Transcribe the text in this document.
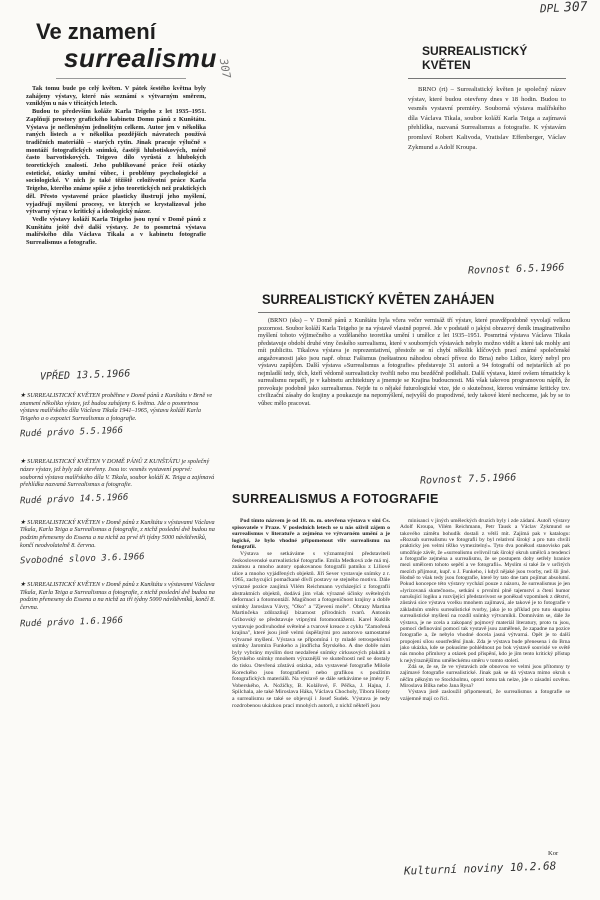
DPL 307
Ve znamení
surrealismu

Tak tomu bude po celý květen. V pátek šestého května byly zahájeny výstavy, které nás seznámí s výtvarným směrem, vzniklým u nás v třicátých letech.

Budou to především koláže Karla Teigeho z let 1935–1951. Zaplňují prostory grafického kabinetu Domu pánů z Kunštátu. Výstava je nečleněným jednolitým celkem. Autor jen v několika raných listech a v několika pozdějších návratech používá tradičních materiálů – starých rytin. Jinak pracuje výlučně s montáží fotografických snímků, častěji hlubotiskových, méně často barvotiskových. Teigovo dílo vyrůstá z hlubokých teoretických znalostí. Jeho publikované práce řeší otázky estetické, otázky umění vůbec, i problémy psychologické a sociologické. V nich je také těžiště celoživotní práce Karla Teigeho, kterého známe spíše z jeho teoretických než praktických děl. Přesto vystavené práce plasticky ilustrují jeho myšlení, vyjadřují myšlení procesy, ve kterých se krystalizoval jeho výtvarný výraz v kritický a ideologický názor.

Vedle výstavy koláží Karla Teigeho jsou nyní v Domě pánů z Kunštátu ještě dvě další výstavy. Je to posmrtná výstava malířského díla Václava Tikala a v kabinetu fotografie Surrealismus a fotografie.

307
VPŘED 13.5.1966

★ SURREALISTICKÝ KVĚTEN proběhne v Domě pánů z Kunštátu v Brně ve znamení několika výstav, jež budou zahájeny 6. května. Jde o posmrtnou výstavu malířského díla Václava Tikala 1941–1965, výstavu koláží Karla Teigeho a o expozici Surrealismus a fotografie.

Rudé právo 5.5.1966

★ SURREALISTICKÝ KVĚTEN V DOMĚ PÁNŮ Z KUNŠTÁTU je společný název výstav, jež byly zde otevřeny. Jsou to: vesměs vystavení poprvé: souborná výstava malířského díla V. Tikala, soubor koláží K. Teiga a zajímavá přehlídka nazvaná Surrealismus a fotografie.

Rudé právo 14.5.1966

★ SURREALISTICKÝ KVĚTEN v Domě pánů z Kunštátu s výstavami Václava Tikala, Karla Teiga a Surrealismus a fotografie, z nichž poslední dvě budou na podzim přeneseny do Essenu a na nichž za prvé tři týdny 5000 návštěvníků, končí neodvolatelně 8. června.

Svobodné slovo 3.6.1966

★ SURREALISTICKÝ KVĚTEN v Domě pánů z Kunštátu s výstavami Václava Tikala, Karla Teiga a Surrealismus a fotografie, z nichž poslední dvě budou na podzim přeneseny do Essenu a na nichž za tři týdny 5000 návštěvníků, končí 8. června.

Rudé právo 1.6.1966
SURREALISTICKÝ
KVĚTEN

BRNO (rt) – Surrealistický květen je společný název výstav, které budou otevřeny dnes v 18 hodin. Budou to vesměs vystavní premiéry. Souborná výstava malířského díla Václava Tikala, soubor koláží Karla Teiga a zajímavá přehlídka, nazvaná Surrealismus a fotografie. K výstavám promluví Robert Kalivoda, Vratislav Effenberger, Václav Zykmund a Adolf Kroupa.

Rovnost 6.5.1966
SURREALISTICKÝ KVĚTEN ZAHÁJEN

(BRNO (sks) – V Domě pánů z Kunštátu byla včera večer vernisáž tří výstav, které pravděpodobně vyvolají velkou pozornost. Soubor koláží Karla Teigeho je na výstavě vlastně poprvé. Jde v podstatě o jakýsi obrazový deník imaginativního myšlení tohoto výjimečného a vzdělaného teoretika umění i umělce z let 1935–1951. Posmrtná výstava Václava Tikala představuje období druhé viny českého surrealismu, které v souborných výstavách nebylo možno vidět a které tak mohly ani mít publicitu. Tikalova výstava je reprezentativní, přestože se ní chybí několik klíčových prací známé společenské angažovanosti jako jsou např. obraz Fašismus (neštastnou náhodou obrací přívoz do Brna) nebo Lidice, který nebyl pro výstavu zapůjčen. Další výstava »Surrealismus a fotografie« představuje 31 autorů a 94 fotografií od nejstarších až po nejmladší tedy, těch, kteří vědomě surrealisticky tvořili nebo mu bezděčně podléhali. Další výstava, které ovšem tématicky k surrealismu nepatří, je v kabinetu architektury a jmenuje se Krajina budoucnosti. Má však takovou programovou náplň, že provokuje podobně jako surrealismus. Nejde tu o nějaké futurologické vize, jde o skutečnost, kterou vnímáme kriticky tzv. civilizační zásahy do krajiny a poukazuje na nepomýšlení, nejvyšší do prapodivné, tedy takové které nechceme, jak by se to vůbec mělo pracovat.

Rovnost 7.5.1966
SURREALISMUS A FOTOGRAFIE

Pod tímto názvem je od 18. m. m. otevřena výstava v síni Čs. spisovatele v Praze. V posledních letech se u nás oživil zájem o surrealismus v literatuře a zejména ve výtvarném umění a je logické, že bylo vhodné připomenout vliv surrealismu na fotografii.

Výstava se setkáváme s významnými představiteli československé surrealistické fotografie. Emila Medková zde má mj. známou a mnoho autory opakovanou fotografii patníku z Liliové ulice a mnoho vyjádřených objektů. Jiří Sever vystavuje snímky z r. 1965, zachycující pomačkané dívčí postavy se stejného motivu. Dále výrazné pozice zaujímá Vilém Reichmann vycházející z fotografii abstraktních objektů, dodává jim však výrazné účinky světelných deformací a fotomontáží. Magičnost a fotogeničnost krajiny a dobře snímky Jaroslava Vávry, "Oko" a "Zjevení moře". Obrazy Martina Martinčeka zdůrazňují bizarnost přírodních tvarů. Antonín Gribovský se představuje vtípnými fotomontážemi. Karel Kuklík vystavuje podivuhodné světelné a tvarové kreace z cyklu "Zamořená krajina", které jsou jistě velmi úspěšnými pro autorovo samostatné výtvarné myšlení. Výstava se připomíná i ty mladé retrospektivní snímky Jaromíra Funkeho a jindřicha Štyrského. A dne dobře nám byly vybrány myslím dost nezdařené snímky cirkusových plakátů a Štyrského snímky mnohem výraznější ve skutečnosti než se dostaly do tisku. Otevřená zůstává otázka, zda vystavené fotografie Miloše Koreckého jsou fotografiemi nebo grafikou s použitím fotografických materiálů. Na výstavě se dále setkáváme se jmény F. Voberského, A. Nožičky, B. Kolářové, F. Pěčka, J. Hajna, J. Spilchala, ale také Miroslava Háka, Václava Chocholy, Tibora Honty a surrealismu se také se objevují i Josef Sudek. Výstava je tedy rozdrobenou ukázkou prací mnohých autorů, z nichž někteří jsou

minisanci v jiných uměleckých druzích byly i zde zádaní. Autoři výstavy Adolf Kroupa, Vilém Reichmann, Petr Tausk a Václav Zykmund se takového zámětu bohudík dostali z větší mít. Zajímá pak v katalogu: »Rozsah surrealismu ve fotografii by byl relativní široký a pro tuto chvíli prakticky jen velmi těžko vymezitelný«. Tyto dva poněkud stanovisko pak umožňuje závěr, že »surrealismu ovlivnil tak široký okruh umělců a tendencí a fotografie zejména a surrealismu, že se postupem doby setřely hranice mezi umělcem tohoto sepětí a ve fotografii«. Myslím si také že v určitých mezích přijmout, kupř. u J. Funkeho, i když nějaké jsou tvorby, než šli jiné. Hodně to však tedy jsou fotografie, které by tato dne tam pojímat absolutní. Pokud koncepce této výstavy vychází pouze z názoru, že surrealismus je jen »lyrizovaná skutečnost«, setkání s prvními plně tajemství a čtení humor narušující logiku a rozvíjející představivost se poněkud vzpomínek z dětství, zůstává sice výstava vcelku mnohem zajímavá, ale takové je to fotografie v základním směru surrealistické tvorby, jako je to příklad pro tuto skupinu surrealistické myšlení na rozdíl snímky výtvarníků. Domnívám se, dále že výstava, je ne zcela a zakopaný pojmový materiál literatury, proto tu jsou, pomocí definování pomocí tak vystavě jsou zaměřené, že zapadne na pozice fotografie a, že nebylo vhodné docela jasná výtvarná. Opět je to další propojení sílou soustředění jinak. Zda je výstava bude přenesena i do Brna jako ukázka, kde se pokusíme pohlédnout po bok výstavě souvislé ve světě nás mnoho přímluvy a otázek pod přispění, kdo je jím tento kritický přístup k nejvýraznějšímu uměleckému směru v tomto století.

Zdá se, že se, že ve výstavách zde obnovou ve velmi jsou přítomny ty zajímavé fotografie surrealistické. Jinak pak se dá výstava mimo okruh s něčím pěkným ve Stockholmu, oproti tomu tak nelze, jde o zásadní ozvěnu. Miroslava Bílka nebo Jana Rysa?

Výstava jistě zasloužil připomenutí, že surrealismus a fotografie se vzájemně mají co říci.

Kor
Kulturní noviny 10.2.68
